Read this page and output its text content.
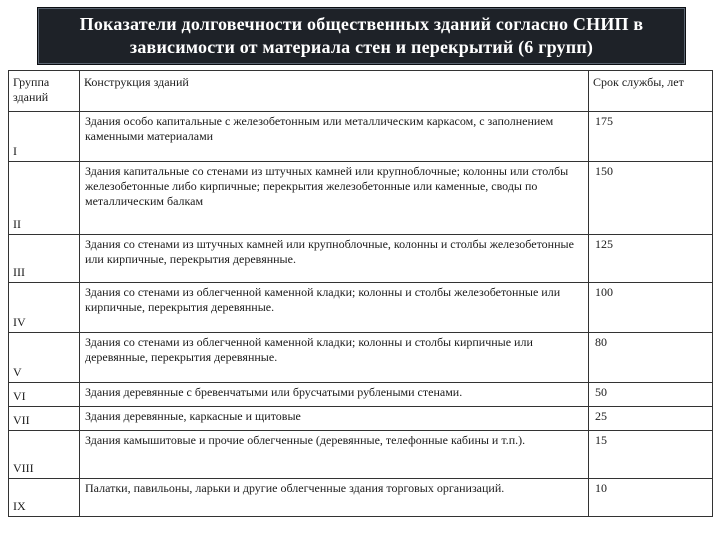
Показатели долговечности общественных зданий согласно СНИП в зависимости от материала стен и перекрытий (6 групп)
Группа зданий	Конструкция зданий	Срок службы, лет
I	Здания особо капитальные с железобетонным или металлическим каркасом, с заполнением каменными материалами	175
II	Здания капитальные со стенами из штучных камней или крупноблочные; колонны или столбы железобетонные либо кирпичные; перекрытия железобетонные или каменные, своды по металлическим балкам	150
III	Здания со стенами из штучных камней или крупноблочные, колонны и столбы железобетонные или кирпичные, перекрытия деревянные.	125
IV	Здания со стенами из облегченной каменной кладки; колонны и столбы железобетонные или кирпичные, перекрытия деревянные.	100
V	Здания со стенами из облегченной каменной кладки; колонны и столбы кирпичные или деревянные, перекрытия деревянные.	80
VI	Здания деревянные с бревенчатыми или брусчатыми рублеными стенами.	50
VII	Здания деревянные, каркасные и щитовые	25
VIII	Здания камышитовые и прочие облегченные (деревянные, телефонные кабины и т.п.).	15
IX	Палатки, павильоны, ларьки и другие облегченные здания торговых организаций.	10
